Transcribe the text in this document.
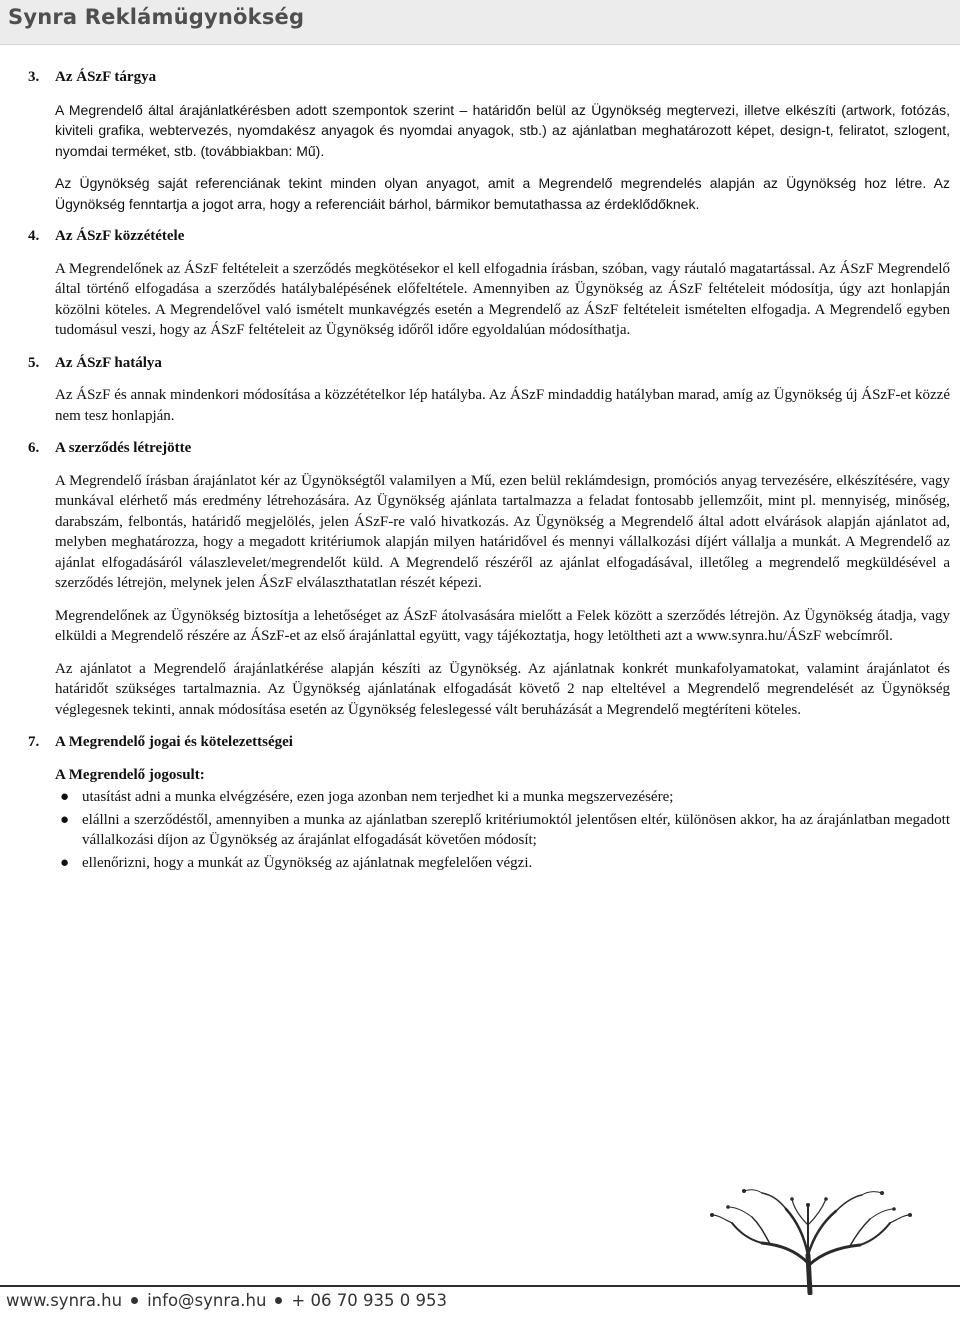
Synra Reklámügynökség
3. Az ÁSzF tárgya
A Megrendelő által árajánlatkérésben adott szempontok szerint – határidőn belül az Ügynökség megtervezi, illetve elkészíti (artwork, fotózás, kiviteli grafika, webtervezés, nyomdakész anyagok és nyomdai anyagok, stb.) az ajánlatban meghatározott képet, design-t, feliratot, szlogent, nyomdai terméket, stb. (továbbiakban: Mű).
Az Ügynökség saját referenciának tekint minden olyan anyagot, amit a Megrendelő megrendelés alapján az Ügynökség hoz létre. Az Ügynökség fenntartja a jogot arra, hogy a referenciáit bárhol, bármikor bemutathassa az érdeklődőknek.
4. Az ÁSzF közzététele
A Megrendelőnek az ÁSzF feltételeit a szerződés megkötésekor el kell elfogadnia írásban, szóban, vagy ráutaló magatartással. Az ÁSzF Megrendelő által történő elfogadása a szerződés hatálybalépésének előfeltétele. Amennyiben az Ügynökség az ÁSzF feltételeit módosítja, úgy azt honlapján közölni köteles. A Megrendelővel való ismételt munkavégzés esetén a Megrendelő az ÁSzF feltételeit ismételten elfogadja. A Megrendelő egyben tudomásul veszi, hogy az ÁSzF feltételeit az Ügynökség időről időre egyoldalúan módosíthatja.
5. Az ÁSzF hatálya
Az ÁSzF és annak mindenkori módosítása a közzétételkor lép hatályba. Az ÁSzF mindaddig hatályban marad, amíg az Ügynökség új ÁSzF-et közzé nem tesz honlapján.
6. A szerződés létrejötte
A Megrendelő írásban árajánlatot kér az Ügynökségtől valamilyen a Mű, ezen belül reklámdesign, promóciós anyag tervezésére, elkészítésére, vagy munkával elérhető más eredmény létrehozására. Az Ügynökség ajánlata tartalmazza a feladat fontosabb jellemzőit, mint pl. mennyiség, minőség, darabszám, felbontás, határidő megjelölés, jelen ÁSzF-re való hivatkozás. Az Ügynökség a Megrendelő által adott elvárások alapján ajánlatot ad, melyben meghatározza, hogy a megadott kritériumok alapján milyen határidővel és mennyi vállalkozási díjért vállalja a munkát. A Megrendelő az ajánlat elfogadásáról válaszlevelet/megrendelőt küld. A Megrendelő részéről az ajánlat elfogadásával, illetőleg a megrendelő megküldésével a szerződés létrejön, melynek jelen ÁSzF elválaszthatatlan részét képezi.
Megrendelőnek az Ügynökség biztosítja a lehetőséget az ÁSzF átolvasására mielőtt a Felek között a szerződés létrejön. Az Ügynökség átadja, vagy elküldi a Megrendelő részére az ÁSzF-et az első árajánlattal együtt, vagy tájékoztatja, hogy letöltheti azt a www.synra.hu/ÁSzF webcímről.
Az ajánlatot a Megrendelő árajánlatkérése alapján készíti az Ügynökség. Az ajánlatnak konkrét munkafolyamatokat, valamint árajánlatot és határidőt szükséges tartalmaznia. Az Ügynökség ajánlatának elfogadását követő 2 nap elteltével a Megrendelő megrendelését az Ügynökség véglegesnek tekinti, annak módosítása esetén az Ügynökség feleslegessé vált beruházását a Megrendelő megtéríteni köteles.
7. A Megrendelő jogai és kötelezettségei
A Megrendelő jogosult:
● utasítást adni a munka elvégzésére, ezen joga azonban nem terjedhet ki a munka megszervezésére;
● elállni a szerződéstől, amennyiben a munka az ajánlatban szereplő kritériumoktól jelentősen eltér, különösen akkor, ha az árajánlatban megadott vállalkozási díjon az Ügynökség az árajánlat elfogadását követően módosít;
● ellenőrizni, hogy a munkát az Ügynökség az ajánlatnak megfelelően végzi.
www.synra.hu info@synra.hu + 06 70 935 0 953
